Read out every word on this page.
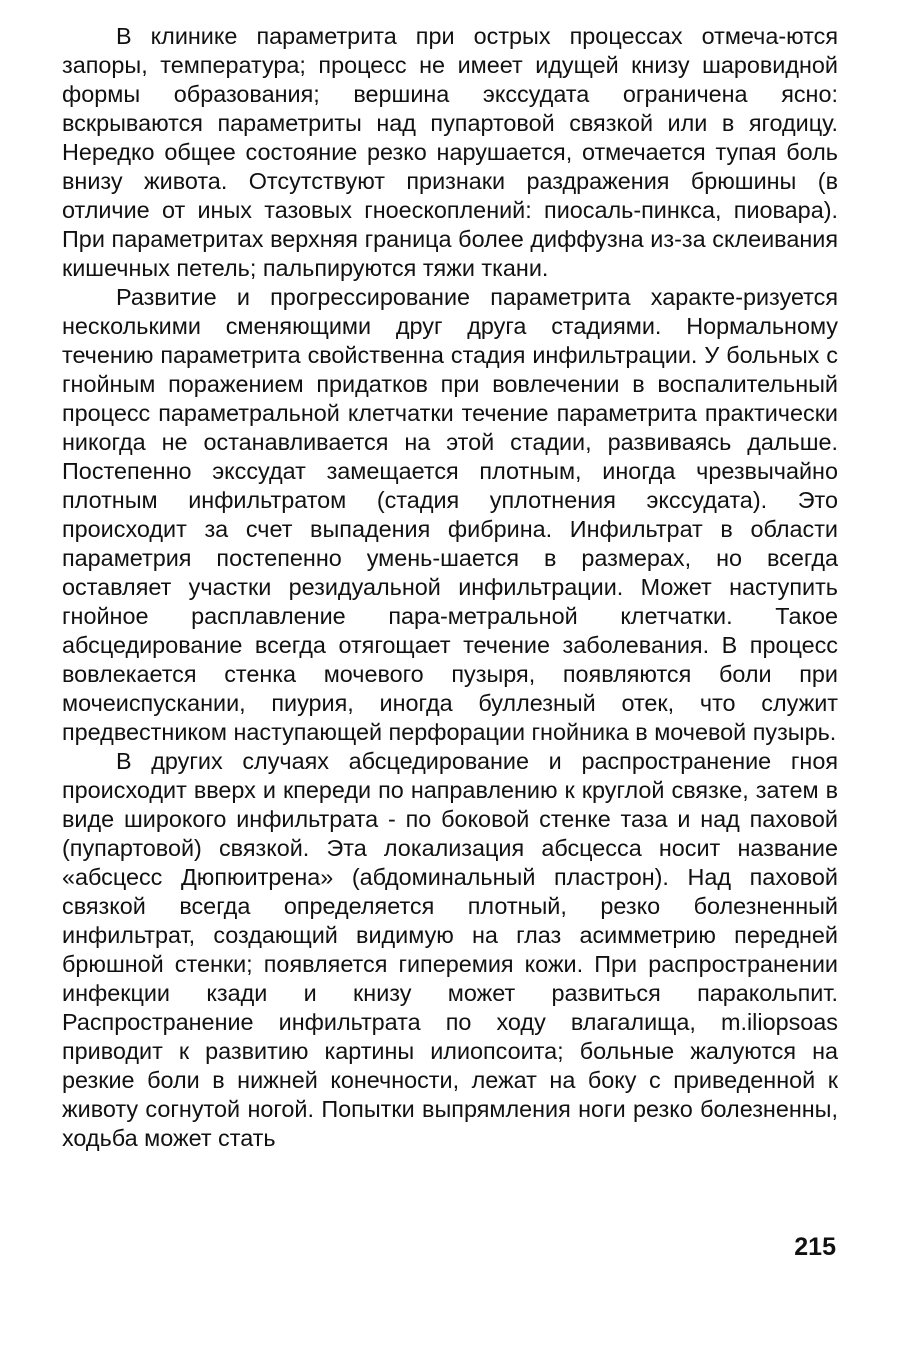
В клинике параметрита при острых процессах отмеча-ются запоры, температура; процесс не имеет идущей книзу шаровидной формы образования; вершина экссудата ограничена ясно: вскрываются параметриты над пупартовой связкой или в ягодицу. Нередко общее состояние резко нарушается, отмечается тупая боль внизу живота. Отсутствуют признаки раздражения брюшины (в отличие от иных тазовых гноескоплений: пиосаль-пинкса, пиовара). При параметритах верхняя граница более диффузна из-за склеивания кишечных петель; пальпируются тяжи ткани.

Развитие и прогрессирование параметрита характе-ризуется несколькими сменяющими друг друга стадиями. Нормальному течению параметрита свойственна стадия инфильтрации. У больных с гнойным поражением придатков при вовлечении в воспалительный процесс параметральной клетчатки течение параметрита практически никогда не останавливается на этой стадии, развиваясь дальше. Постепенно экссудат замещается плотным, иногда чрезвычайно плотным инфильтратом (стадия уплотнения экссудата). Это происходит за счет выпадения фибрина. Инфильтрат в области параметрия постепенно умень-шается в размерах, но всегда оставляет участки резидуальной инфильтрации. Может наступить гнойное расплавление пара-метральной клетчатки. Такое абсцедирование всегда отягощает течение заболевания. В процесс вовлекается стенка мочевого пузыря, появляются боли при мочеиспускании, пиурия, иногда буллезный отек, что служит предвестником наступающей перфорации гнойника в мочевой пузырь.

В других случаях абсцедирование и распространение гноя происходит вверх и кпереди по направлению к круглой связке, затем в виде широкого инфильтрата - по боковой стенке таза и над паховой (пупартовой) связкой. Эта локализация абсцесса носит название «абсцесс Дюпюитрена» (абдоминальный пластрон). Над паховой связкой всегда определяется плотный, резко болезненный инфильтрат, создающий видимую на глаз асимметрию передней брюшной стенки; появляется гиперемия кожи. При распространении инфекции кзади и книзу может развиться паракольпит. Распространение инфильтрата по ходу влагалища, m.iliopsoas приводит к развитию картины илиопсоита; больные жалуются на резкие боли в нижней конечности, лежат на боку с приведенной к животу согнутой ногой. Попытки выпрямления ноги резко болезненны, ходьба может стать

215
